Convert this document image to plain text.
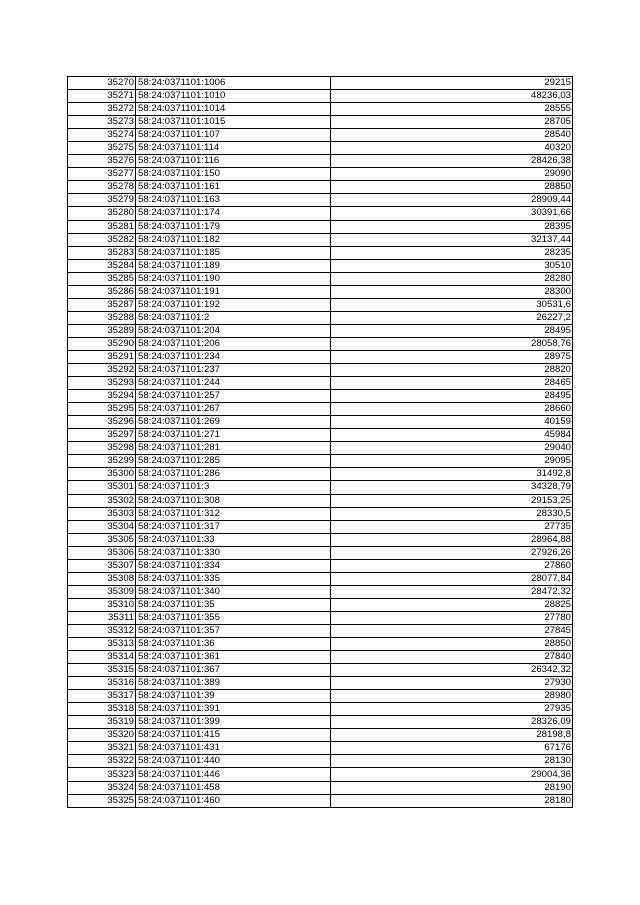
35270	58:24:0371101:1006	29215
35271	58:24:0371101:1010	48236,03
35272	58:24:0371101:1014	28555
35273	58:24:0371101:1015	28705
35274	58:24:0371101:107	28540
35275	58:24:0371101:114	40320
35276	58:24:0371101:116	28426,38
35277	58:24:0371101:150	29090
35278	58:24:0371101:161	28850
35279	58:24:0371101:163	28909,44
35280	58:24:0371101:174	30391,66
35281	58:24:0371101:179	28395
35282	58:24:0371101:182	32137,44
35283	58:24:0371101:185	28235
35284	58:24:0371101:189	30510
35285	58:24:0371101:190	28280
35286	58:24:0371101:191	28300
35287	58:24:0371101:192	30531,6
35288	58:24:0371101:2	26227,2
35289	58:24:0371101:204	28495
35290	58:24:0371101:206	28058,76
35291	58:24:0371101:234	28975
35292	58:24:0371101:237	28820
35293	58:24:0371101:244	28465
35294	58:24:0371101:257	28495
35295	58:24:0371101:267	28660
35296	58:24:0371101:269	40159
35297	58:24:0371101:271	45984
35298	58:24:0371101:281	29040
35299	58:24:0371101:285	29095
35300	58:24:0371101:286	31492,8
35301	58:24:0371101:3	34328,79
35302	58:24:0371101:308	29153,25
35303	58:24:0371101:312	28330,5
35304	58:24:0371101:317	27735
35305	58:24:0371101:33	28964,88
35306	58:24:0371101:330	27926,26
35307	58:24:0371101:334	27860
35308	58:24:0371101:335	28077,84
35309	58:24:0371101:340	28472,32
35310	58:24:0371101:35	28825
35311	58:24:0371101:355	27780
35312	58:24:0371101:357	27845
35313	58:24:0371101:36	28850
35314	58:24:0371101:361	27840
35315	58:24:0371101:367	26342,32
35316	58:24:0371101:389	27930
35317	58:24:0371101:39	28980
35318	58:24:0371101:391	27935
35319	58:24:0371101:399	28326,09
35320	58:24:0371101:415	28198,8
35321	58:24:0371101:431	67176
35322	58:24:0371101:440	28130
35323	58:24:0371101:446	29004,36
35324	58:24:0371101:458	28190
35325	58:24:0371101:460	28180
